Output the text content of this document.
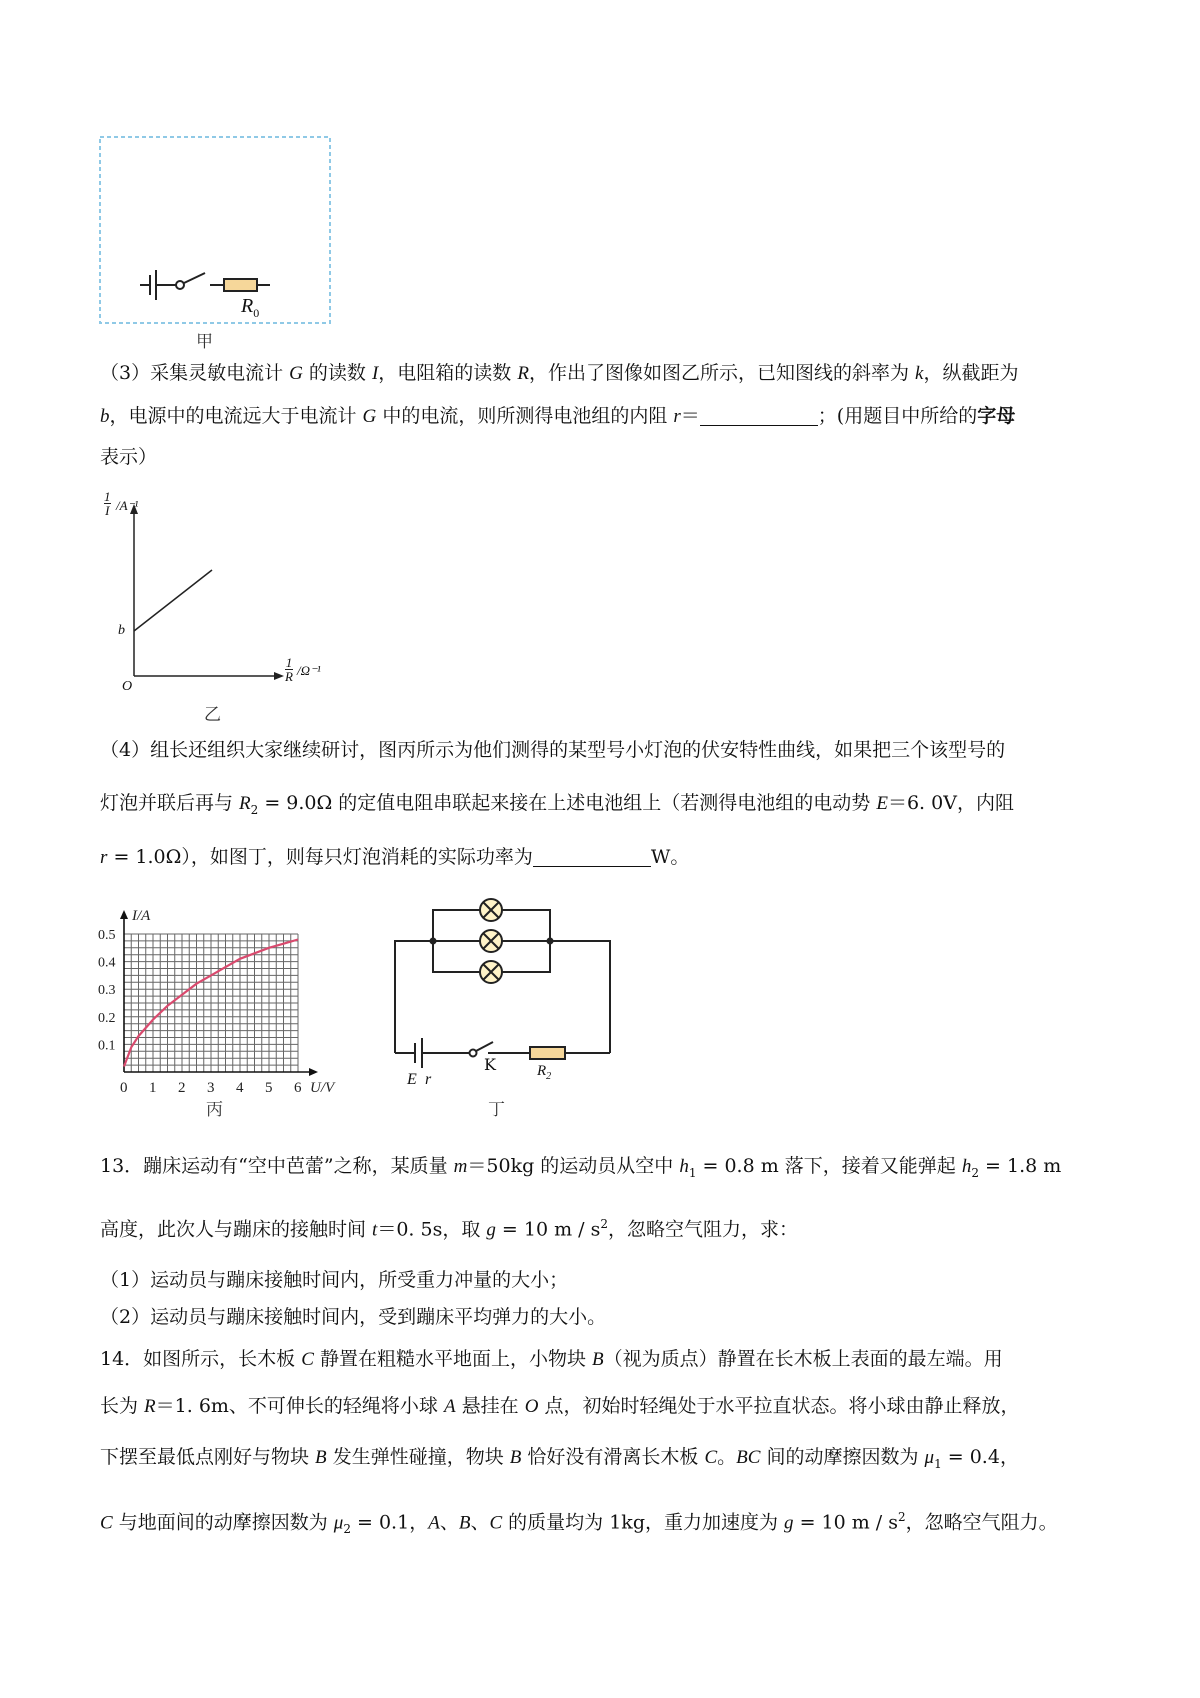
$R_0$
甲
（3）采集灵敏电流计 G 的读数 I，电阻箱的读数 R，作出了图像如图乙所示，已知图线的斜率为 k，纵截距为
b，电源中的电流远大于电流计 G 中的电流，则所测得电池组的内阻 r＝	；(用题目中所给的字母
表示）
1
I /A⁻¹
b
O
1
R /Ω⁻¹
乙
（4）组长还组织大家继续研讨，图丙所示为他们测得的某型号小灯泡的伏安特性曲线，如果把三个该型号的
灯泡并联后再与 $R_2 = 9.0\Omega$ 的定值电阻串联起来接在上述电池组上（若测得电池组的电动势 E＝6. 0V，内阻
r = 1.0Ω），如图丁，则每只灯泡消耗的实际功率为	W。
0 1 2 3 4 5 6
0.1
0.2
0.3
0.4
0.5
U/V
I/A
丙
E r
K	$R_2$
丁
13．蹦床运动有“空中芭蕾”之称，某质量 m＝50kg 的运动员从空中 $h_1 = 0.8$ m 落下，接着又能弹起 $h_2 = 1.8$ m
高度，此次人与蹦床的接触时间 t＝0. 5s，取 g = 10 m / $s^2$，忽略空气阻力，求：
（1）运动员与蹦床接触时间内，所受重力冲量的大小；
（2）运动员与蹦床接触时间内，受到蹦床平均弹力的大小。
14．如图所示，长木板 C 静置在粗糙水平地面上，小物块 B（视为质点）静置在长木板上表面的最左端。用
长为 R＝1. 6m、不可伸长的轻绳将小球 A 悬挂在 O 点，初始时轻绳处于水平拉直状态。将小球由静止释放，
下摆至最低点刚好与物块 B 发生弹性碰撞，物块 B 恰好没有滑离长木板 C。BC 间的动摩擦因数为 $\mu_1 = 0.4$，
C 与地面间的动摩擦因数为 $\mu_2 = 0.1$，A、B、C 的质量均为 1kg，重力加速度为 g = 10 m / $s^2$，忽略空气阻力。
